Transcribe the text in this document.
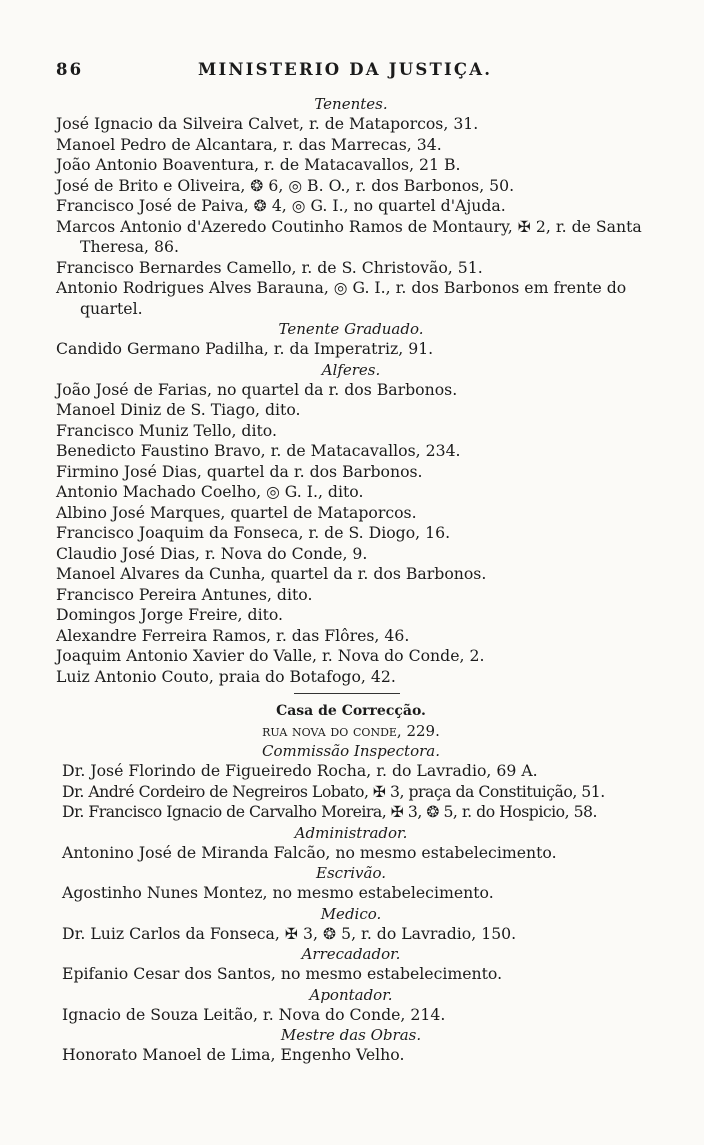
86	MINISTERIO DA JUSTIÇA.
Tenentes.
José Ignacio da Silveira Calvet, r. de Mataporcos, 31.
Manoel Pedro de Alcantara, r. das Marrecas, 34.
João Antonio Boaventura, r. de Matacavallos, 21 B.
José de Brito e Oliveira, ❂ 6, ◎ B. O., r. dos Barbonos, 50.
Francisco José de Paiva, ❂ 4, ◎ G. I., no quartel d'Ajuda.
Marcos Antonio d'Azeredo Coutinho Ramos de Montaury, ✠ 2, r. de Santa Theresa, 86.
Francisco Bernardes Camello, r. de S. Christovão, 51.
Antonio Rodrigues Alves Barauna, ◎ G. I., r. dos Barbonos em frente do quartel.
Tenente Graduado.
Candido Germano Padilha, r. da Imperatriz, 91.
Alferes.
João José de Farias, no quartel da r. dos Barbonos.
Manoel Diniz de S. Tiago, dito.
Francisco Muniz Tello, dito.
Benedicto Faustino Bravo, r. de Matacavallos, 234.
Firmino José Dias, quartel da r. dos Barbonos.
Antonio Machado Coelho, ◎ G. I., dito.
Albino José Marques, quartel de Mataporcos.
Francisco Joaquim da Fonseca, r. de S. Diogo, 16.
Claudio José Dias, r. Nova do Conde, 9.
Manoel Alvares da Cunha, quartel da r. dos Barbonos.
Francisco Pereira Antunes, dito.
Domingos Jorge Freire, dito.
Alexandre Ferreira Ramos, r. das Flôres, 46.
Joaquim Antonio Xavier do Valle, r. Nova do Conde, 2.
Luiz Antonio Couto, praia do Botafogo, 42.
Casa de Correcção.
rua nova do conde, 229.
Commissão Inspectora.
Dr. José Florindo de Figueiredo Rocha, r. do Lavradio, 69 A.
Dr. André Cordeiro de Negreiros Lobato, ✠ 3, praça da Constituição, 51.
Dr. Francisco Ignacio de Carvalho Moreira, ✠ 3, ❂ 5, r. do Hospicio, 58.
Administrador.
Antonino José de Miranda Falcão, no mesmo estabelecimento.
Escrivão.
Agostinho Nunes Montez, no mesmo estabelecimento.
Medico.
Dr. Luiz Carlos da Fonseca, ✠ 3, ❂ 5, r. do Lavradio, 150.
Arrecadador.
Epifanio Cesar dos Santos, no mesmo estabelecimento.
Apontador.
Ignacio de Souza Leitão, r. Nova do Conde, 214.
Mestre das Obras.
Honorato Manoel de Lima, Engenho Velho.
